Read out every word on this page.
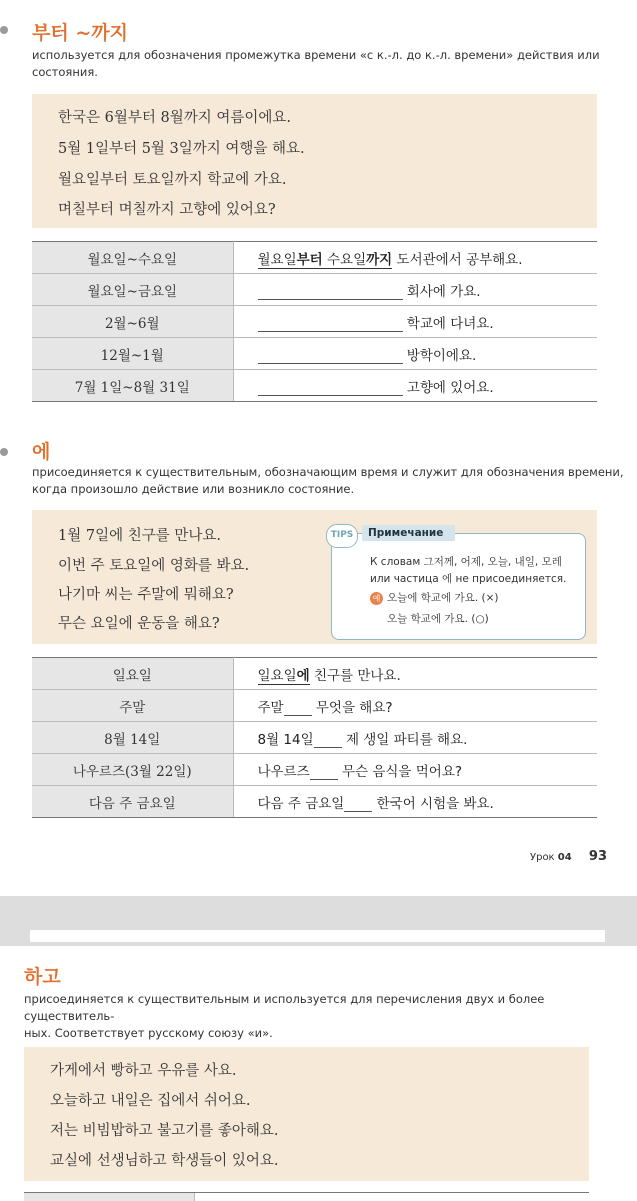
부터 ~까지

используется для обозначения промежутка времени «с к.-л. до к.-л. времени» действия или
состояния.

한국은 6월부터 8월까지 여름이에요.

5월 1일부터 5월 3일까지 여행을 해요.

월요일부터 토요일까지 학교에 가요.

며칠부터 며칠까지 고향에 있어요?

월요일~수요일	월요일부터 수요일까지 도서관에서 공부해요.
월요일~금요일	회사에 가요.
2월~6월	학교에 다녀요.
12월~1월	방학이에요.
7월 1일~8월 31일	고향에 있어요.
에

присоединяется к существительным, обозначающим время и служит для обозначения времени,
когда произошло действие или возникло состояние.

1월 7일에 친구를 만나요.

이번 주 토요일에 영화를 봐요.

나기마 씨는 주말에 뭐해요?

무슨 요일에 운동을 해요?

TIPS	Примечание

К словам 그저께, 어제, 오늘, 내일, 모레

или частица 에 не присоединяется.

예 오늘에 학교에 가요. (×)

오늘 학교에 가요. (○)

일요일	일요일에 친구를 만나요.
주말	주말 무엇을 해요?
8월 14일	8월 14일 제 생일 파티를 해요.
나우르즈(3월 22일)	나우르즈 무슨 음식을 먹어요?
다음 주 금요일	다음 주 금요일 한국어 시험을 봐요.
Урок 04 93
하고

присоединяется к существительным и используется для перечисления двух и более существитель-
ных. Соответствует русскому союзу «и».

가게에서 빵하고 우유를 사요.

오늘하고 내일은 집에서 쉬어요.

저는 비빔밥하고 불고기를 좋아해요.

교실에 선생님하고 학생들이 있어요.
